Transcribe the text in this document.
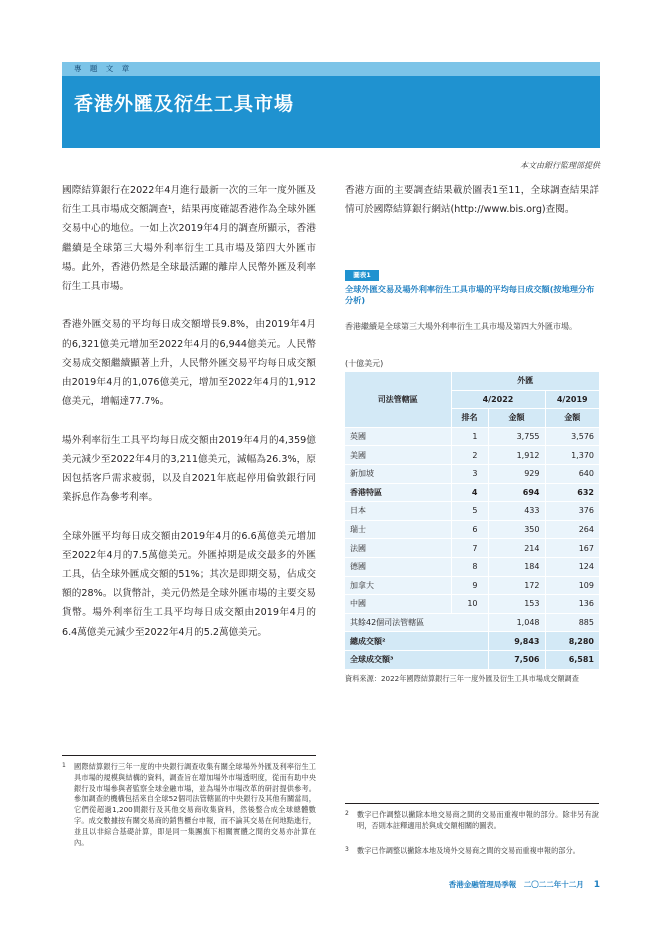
專 題 文 章
香港外匯及衍生工具市場
本文由銀行監理部提供

國際結算銀行在2022年4月進行最新一次的三年一度外匯及衍生工具市場成交額調查¹，結果再度確認香港作為全球外匯交易中心的地位。一如上次2019年4月的調查所顯示，香港繼續是全球第三大場外利率衍生工具市場及第四大外匯市場。此外，香港仍然是全球最活躍的離岸人民幣外匯及利率衍生工具市場。

香港外匯交易的平均每日成交額增長9.8%，由2019年4月的6,321億美元增加至2022年4月的6,944億美元。人民幣交易成交額繼續顯著上升，人民幣外匯交易平均每日成交額由2019年4月的1,076億美元，增加至2022年4月的1,912億美元，增幅達77.7%。

場外利率衍生工具平均每日成交額由2019年4月的4,359億美元減少至2022年4月的3,211億美元，減幅為26.3%，原因包括客戶需求疲弱，以及自2021年底起停用倫敦銀行同業拆息作為參考利率。

全球外匯平均每日成交額由2019年4月的6.6萬億美元增加至2022年4月的7.5萬億美元。外匯掉期是成交最多的外匯工具，佔全球外匯成交額的51%；其次是即期交易，佔成交額的28%。以貨幣計，美元仍然是全球外匯市場的主要交易貨幣。場外利率衍生工具平均每日成交額由2019年4月的6.4萬億美元減少至2022年4月的5.2萬億美元。

香港方面的主要調查結果載於圖表1至11，全球調查結果詳情可於國際結算銀行網站(http://www.bis.org)查閱。

圖表1
全球外匯交易及場外利率衍生工具市場的平均每日成交額(按地理分布分析)
香港繼續是全球第三大場外利率衍生工具市場及第四大外匯市場。
(十億美元)
司法管轄區	外匯		
	4/2022		4/2019
	排名	金額	金額
英國	1	3,755	3,576
美國	2	1,912	1,370
新加坡	3	929	640
香港特區	4	694	632
日本	5	433	376
瑞士	6	350	264
法國	7	214	167
德國	8	184	124
加拿大	9	172	109
中國	10	153	136
其餘42個司法管轄區		1,048	885
總成交額²		9,843	8,280
全球成交額³		7,506	6,581
資料來源：2022年國際結算銀行三年一度外匯及衍生工具市場成交額調查
1 國際結算銀行三年一度的中央銀行調查收集有關全球場外外匯及利率衍生工具市場的規模與結構的資料，調查旨在增加場外市場透明度，從而有助中央銀行及市場參與者監察全球金融市場，並為場外市場改革的研討提供參考。參加調查的機構包括來自全球52個司法管轄區的中央銀行及其他有關當局，它們從超過1,200間銀行及其他交易商收集資料，然後整合成全球總體數字。成交數據按有關交易商的銷售櫃台申報，而不論其交易在何地點進行，並且以非綜合基礎計算，即是同一集團旗下相關實體之間的交易亦計算在內。
2 數字已作調整以撇除本地交易商之間的交易而重複申報的部分。除非另有說明，否則本註釋適用於與成交額相關的圖表。
3 數字已作調整以撇除本地及境外交易商之間的交易而重複申報的部分。
香港金融管理局季報　二〇二二年十二月 1
